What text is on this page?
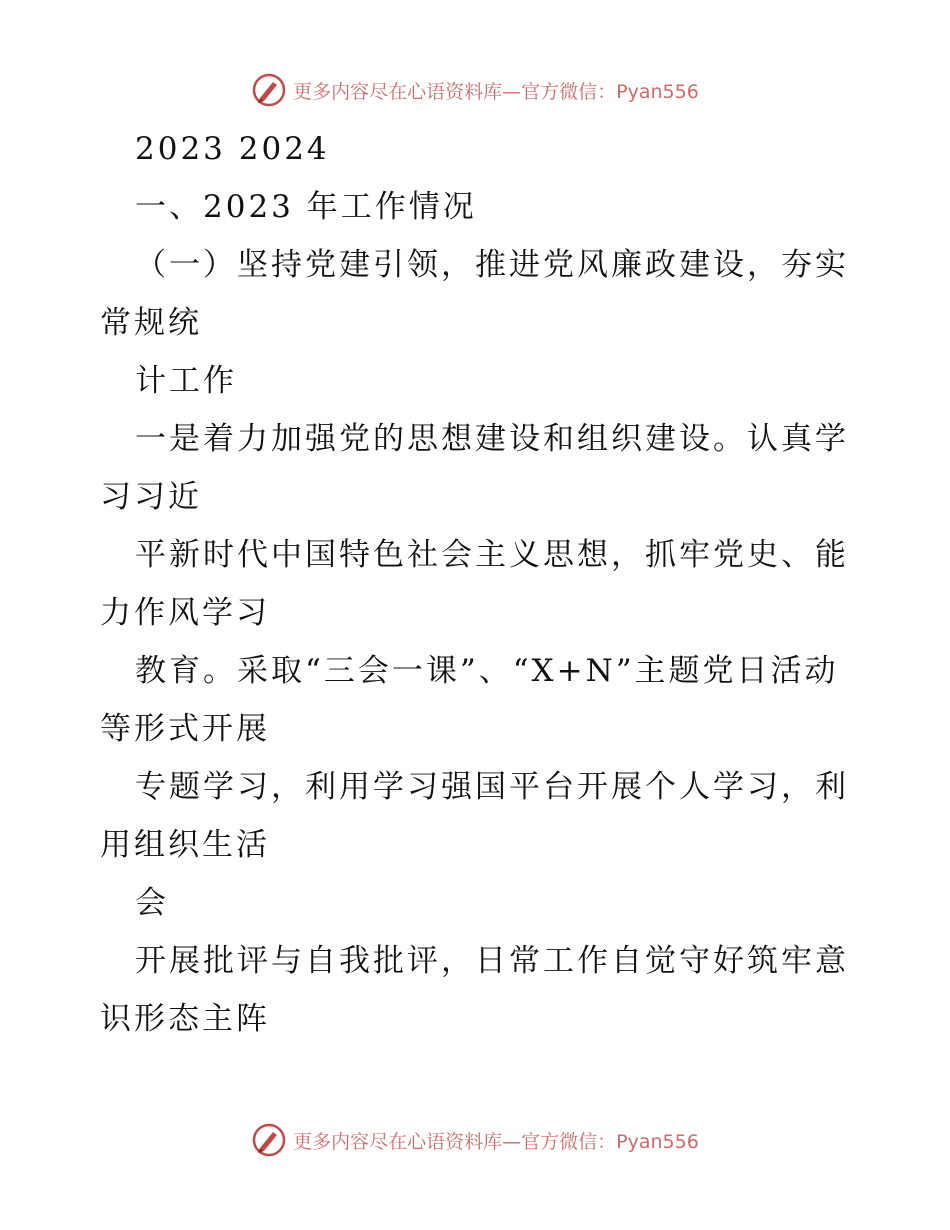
更多内容尽在心语资料库—官方微信：Pyan556

2023 2024

一、2023 年工作情况

（一）坚持党建引领，推进党风廉政建设，夯实常规统

计工作

一是着力加强党的思想建设和组织建设。认真学习习近

平新时代中国特色社会主义思想，抓牢党史、能力作风学习

教育。采取“三会一课”、“X+N”主题党日活动等形式开展

专题学习，利用学习强国平台开展个人学习，利用组织生活

会

开展批评与自我批评，日常工作自觉守好筑牢意识形态主阵

更多内容尽在心语资料库—官方微信：Pyan556
